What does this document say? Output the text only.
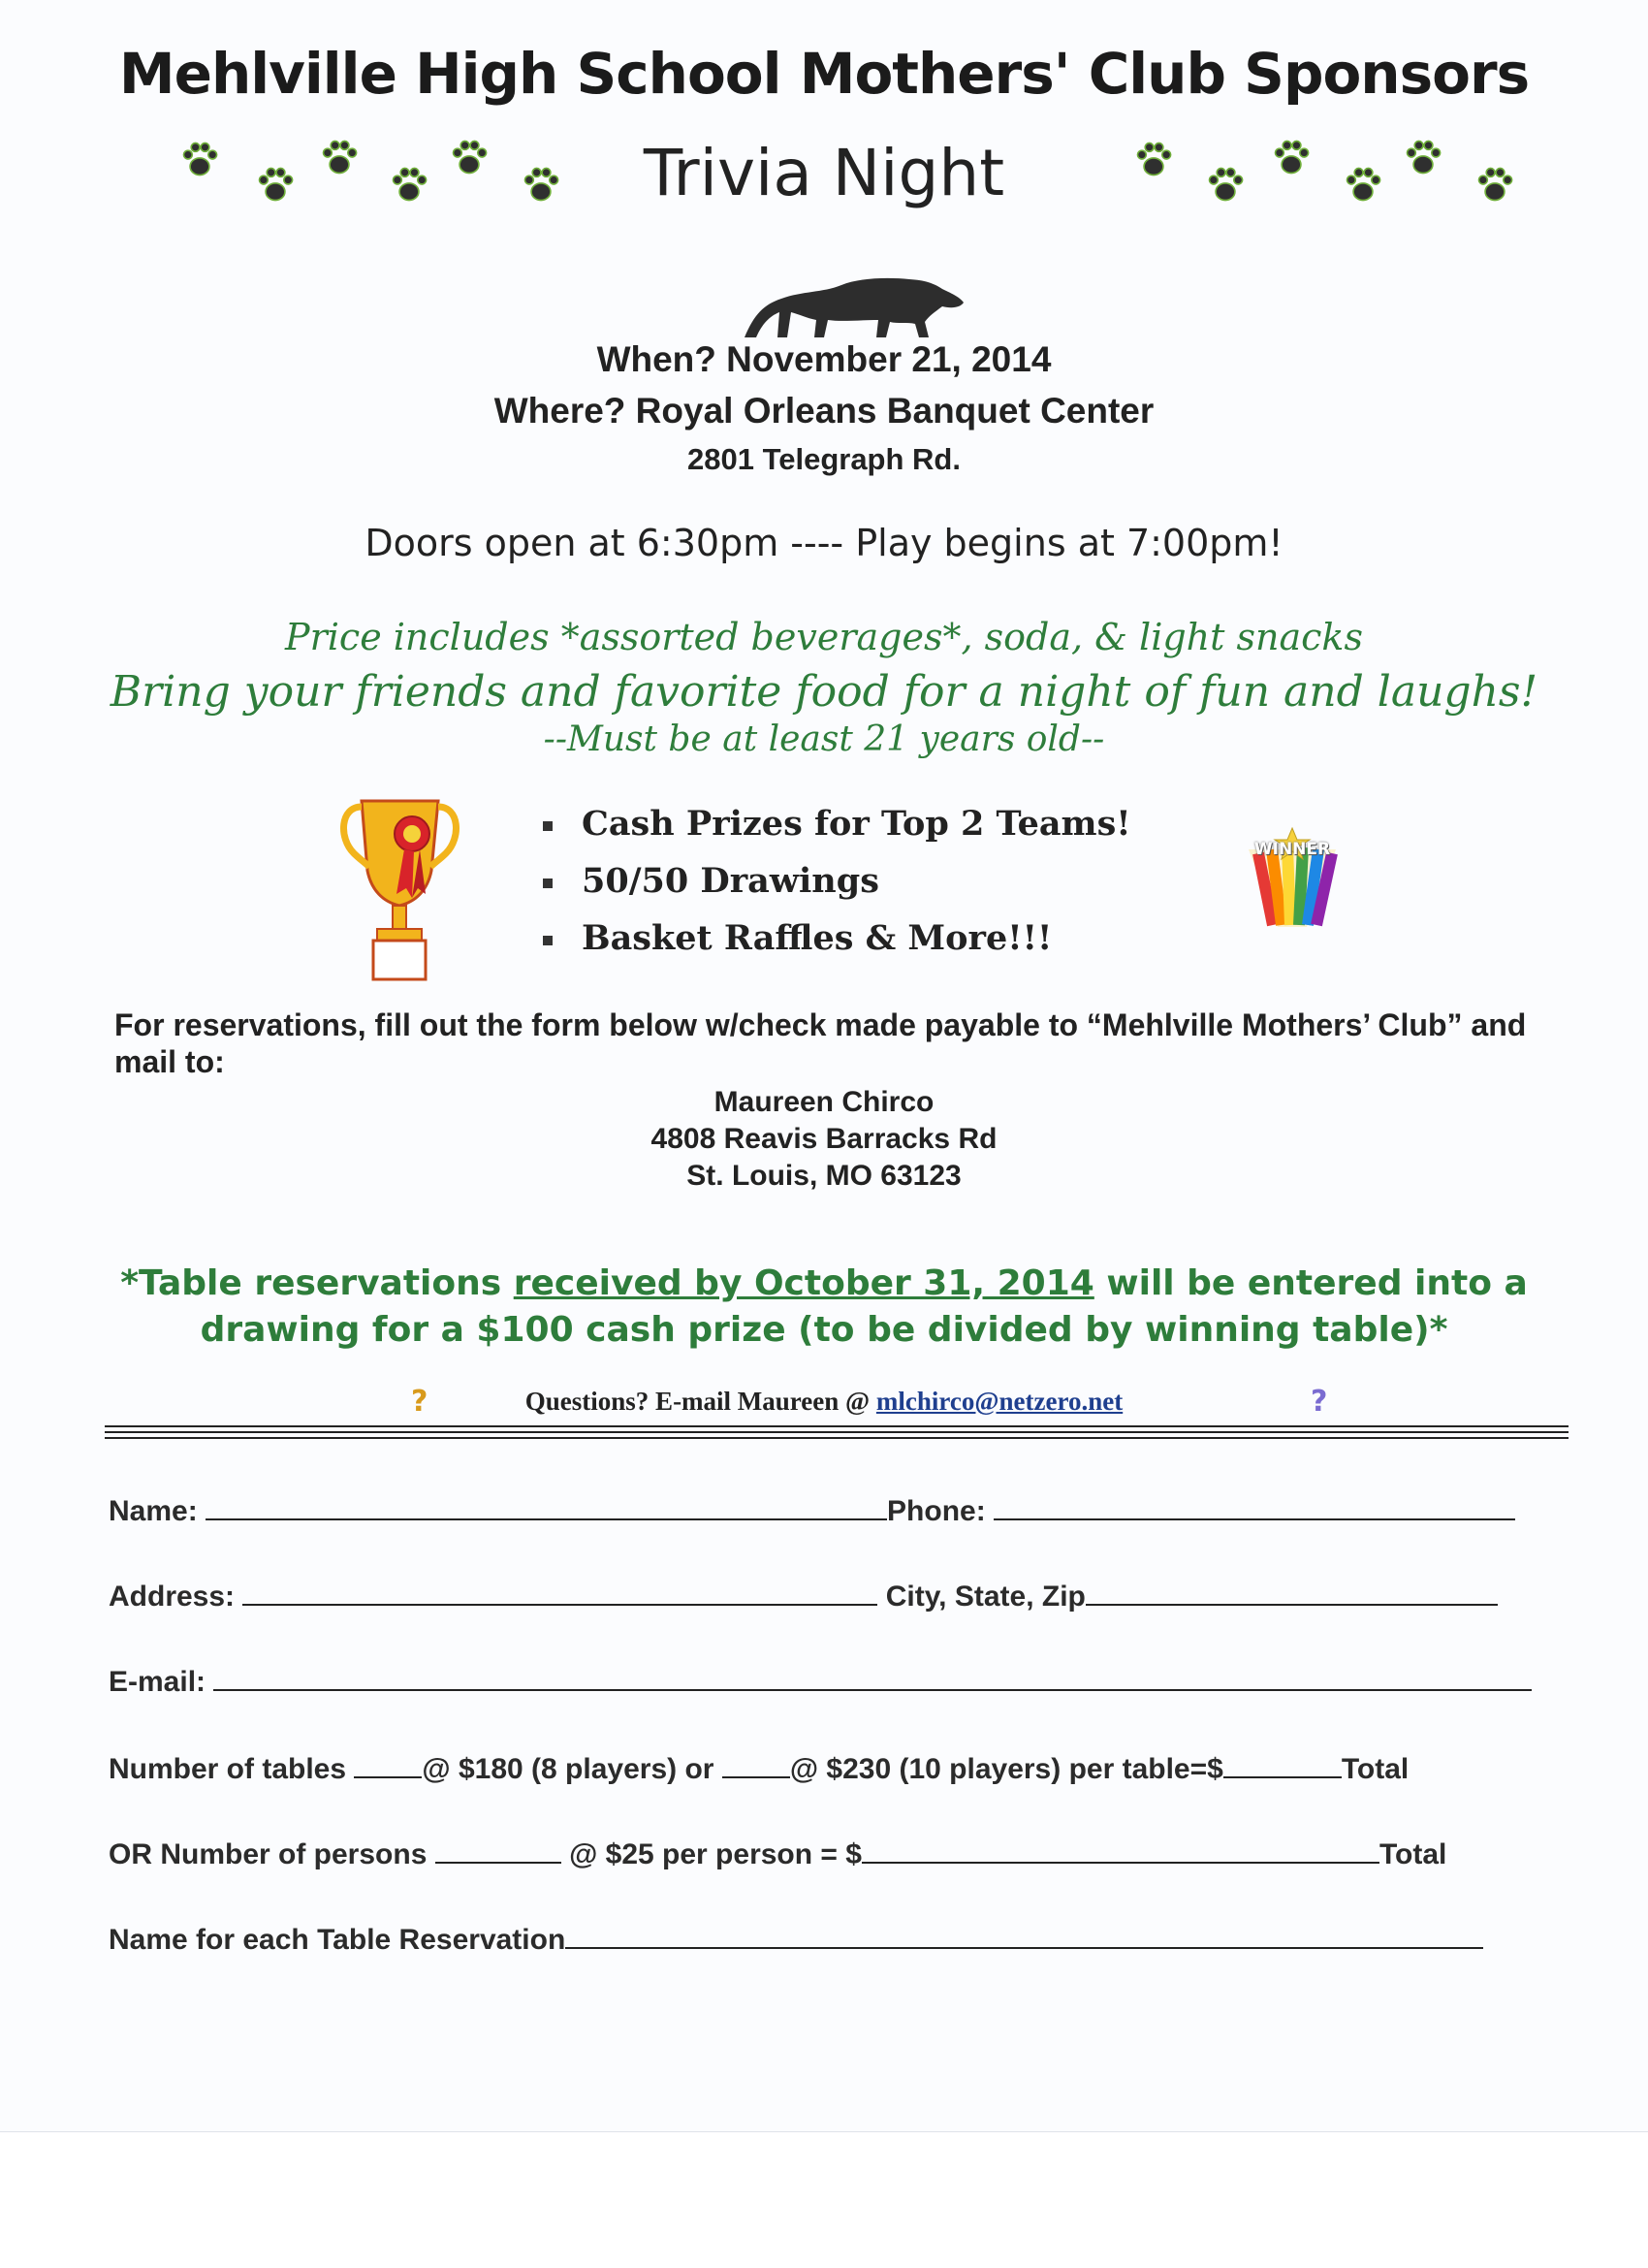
Mehlville High School Mothers' Club Sponsors
Trivia Night
When? November 21, 2014
Where? Royal Orleans Banquet Center
2801 Telegraph Rd.
Doors open at 6:30pm ---- Play begins at 7:00pm!
Price includes *assorted beverages*, soda, & light snacks
Bring your friends and favorite food for a night of fun and laughs!
--Must be at least 21 years old--
Cash Prizes for Top 2 Teams!
50/50 Drawings
Basket Raffles & More!!!
WINNER
For reservations, fill out the form below w/check made payable to “Mehlville Mothers’ Club” and mail to:
Maureen Chirco
4808 Reavis Barracks Rd
St. Louis, MO 63123
*Table reservations received by October 31, 2014 will be entered into a drawing for a $100 cash prize (to be divided by winning table)*
?	Questions? E-mail Maureen @ mlchirco@netzero.net	?
Name:	Phone:
Address:	City, State, Zip
E-mail:
Number of tables	@ $180 (8 players) or	@ $230 (10 players) per table=$	Total
OR Number of persons	@ $25 per person = $	Total
Name for each Table Reservation
